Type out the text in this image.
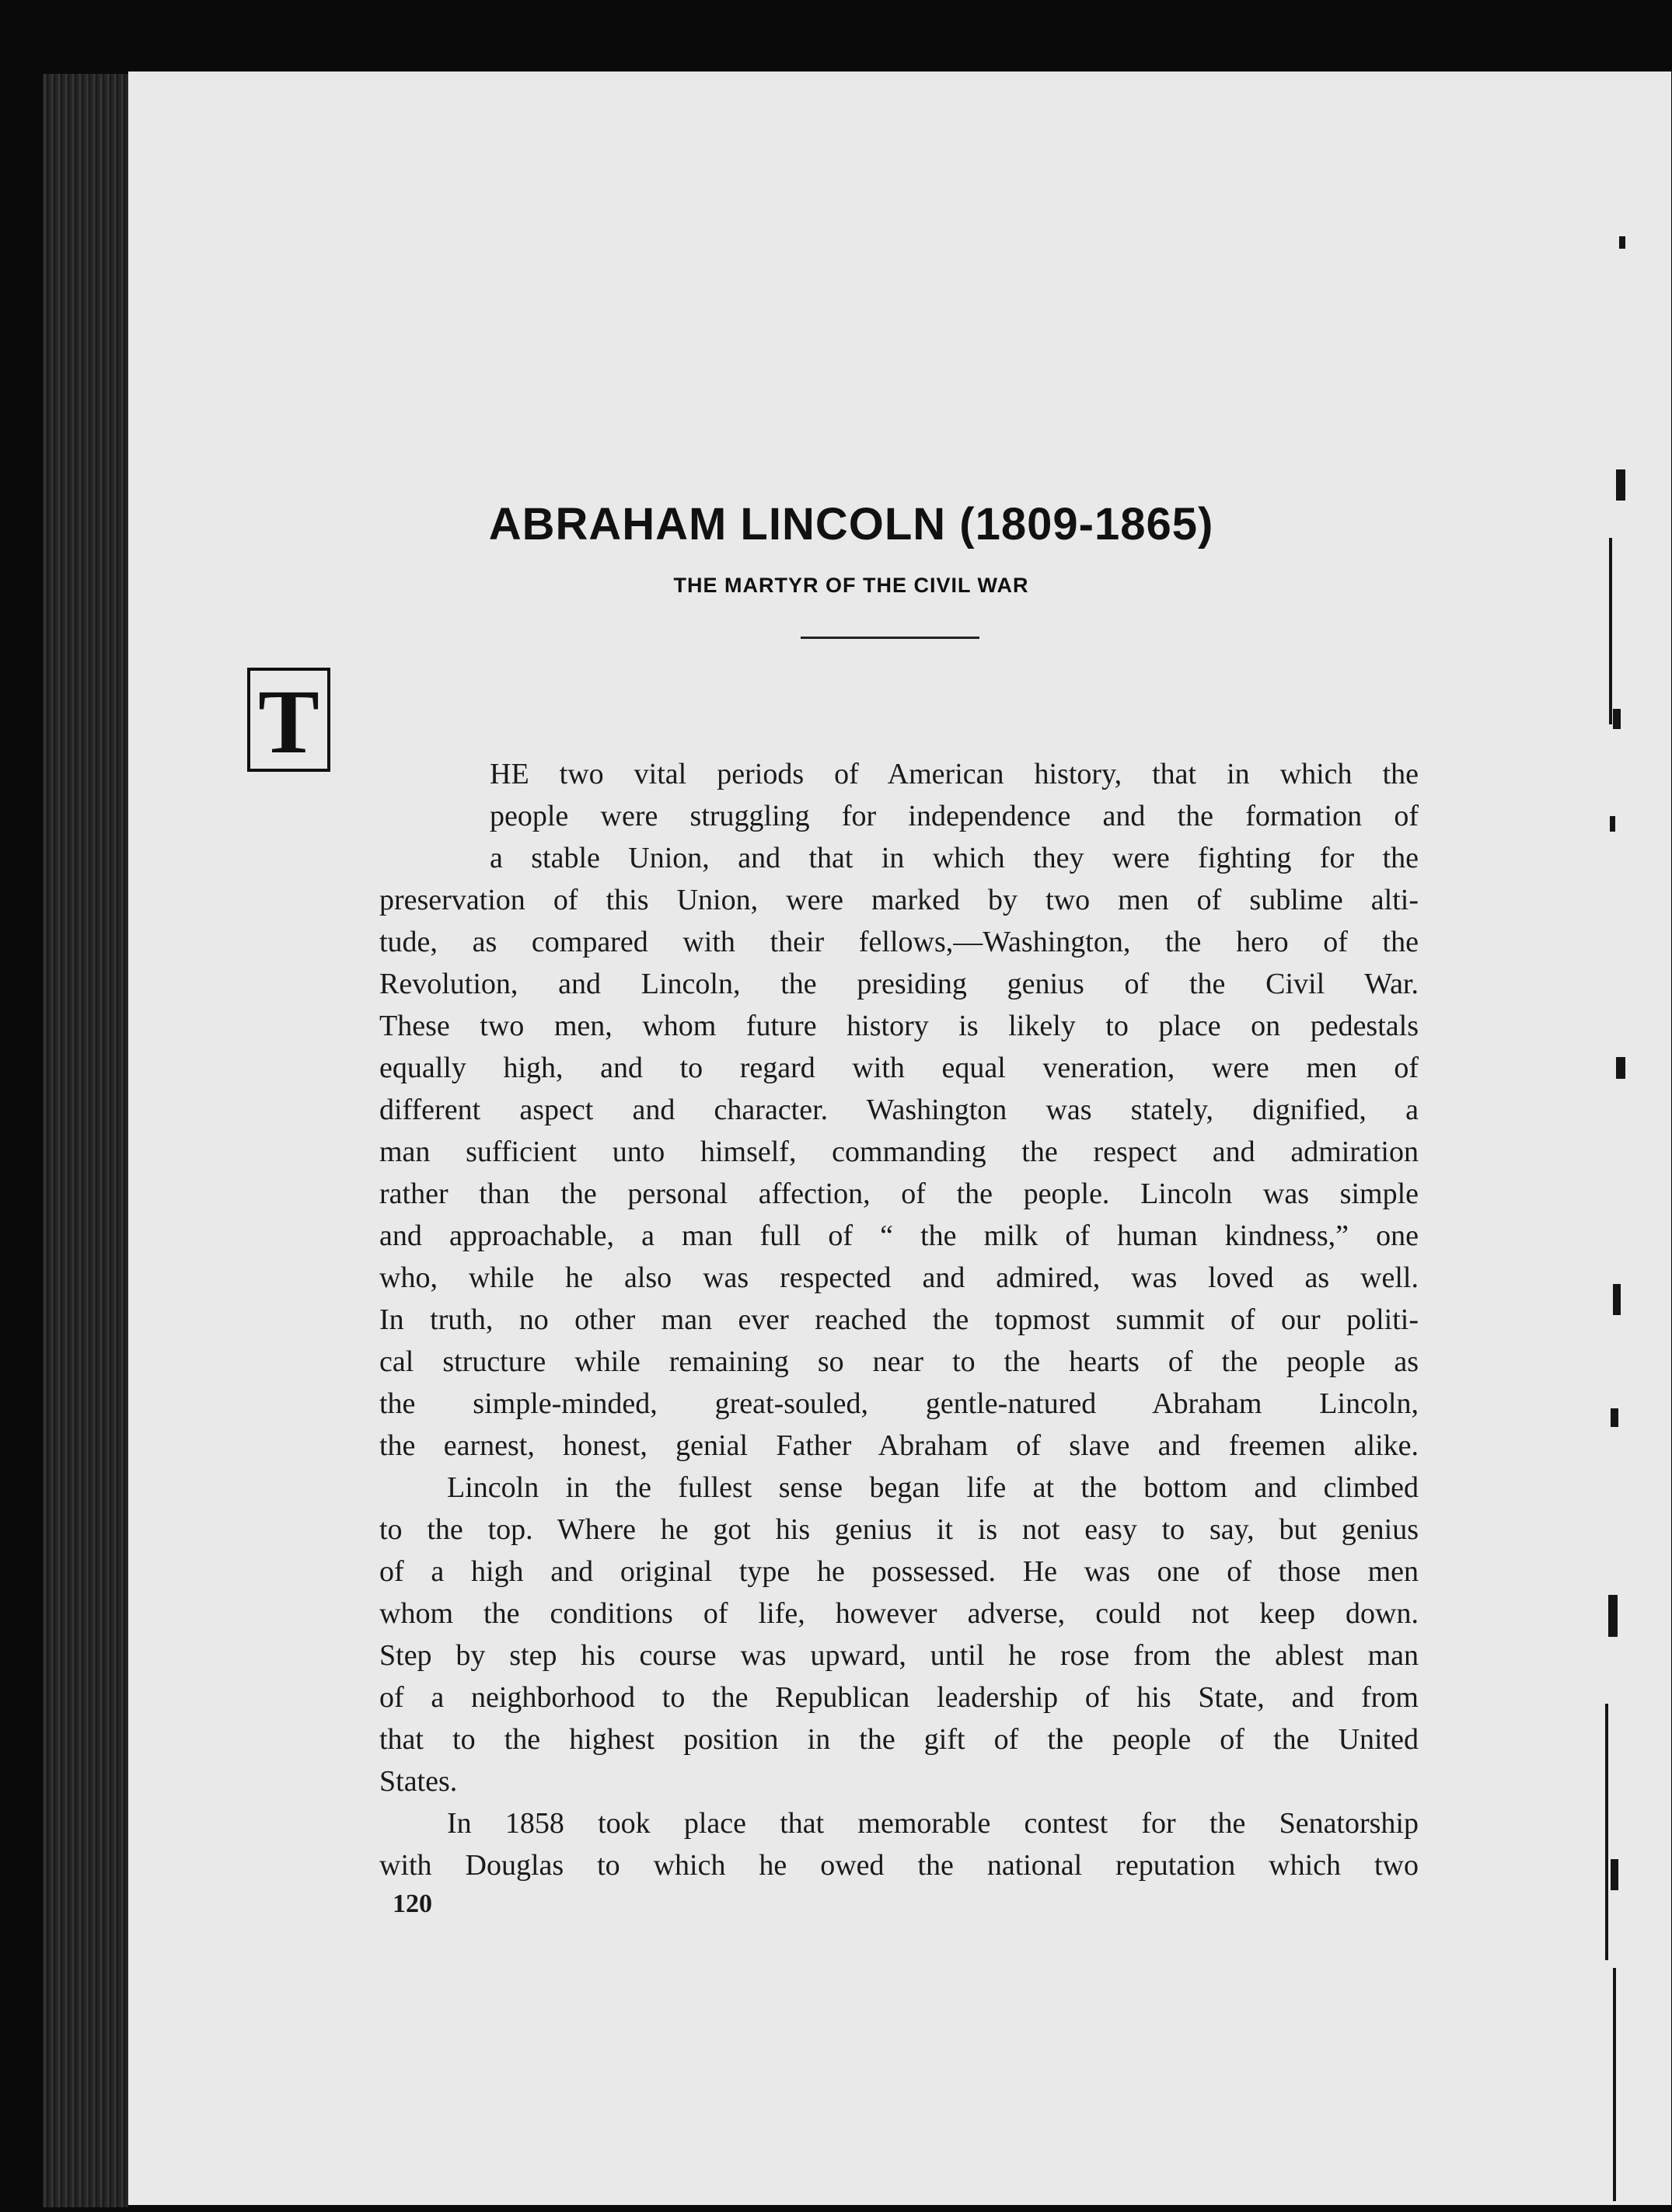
ABRAHAM LINCOLN (1809-1865)
THE MARTYR OF THE CIVIL WAR
T
HE two vital periods of American history, that in which the
people were struggling for independence and the formation of
a stable Union, and that in which they were fighting for the
preservation of this Union, were marked by two men of sublime alti-
tude, as compared with their fellows,—Washington, the hero of the
Revolution, and Lincoln, the presiding genius of the Civil War.
These two men, whom future history is likely to place on pedestals
equally high, and to regard with equal veneration, were men of
different aspect and character. Washington was stately, dignified, a
man sufficient unto himself, commanding the respect and admiration
rather than the personal affection, of the people. Lincoln was simple
and approachable, a man full of “ the milk of human kindness,” one
who, while he also was respected and admired, was loved as well.
In truth, no other man ever reached the topmost summit of our politi-
cal structure while remaining so near to the hearts of the people as
the simple-minded, great-souled, gentle-natured Abraham Lincoln,
the earnest, honest, genial Father Abraham of slave and freemen alike.
Lincoln in the fullest sense began life at the bottom and climbed
to the top. Where he got his genius it is not easy to say, but genius
of a high and original type he possessed. He was one of those men
whom the conditions of life, however adverse, could not keep down.
Step by step his course was upward, until he rose from the ablest man
of a neighborhood to the Republican leadership of his State, and from
that to the highest position in the gift of the people of the United
States.
In 1858 took place that memorable contest for the Senatorship
with Douglas to which he owed the national reputation which two
120
